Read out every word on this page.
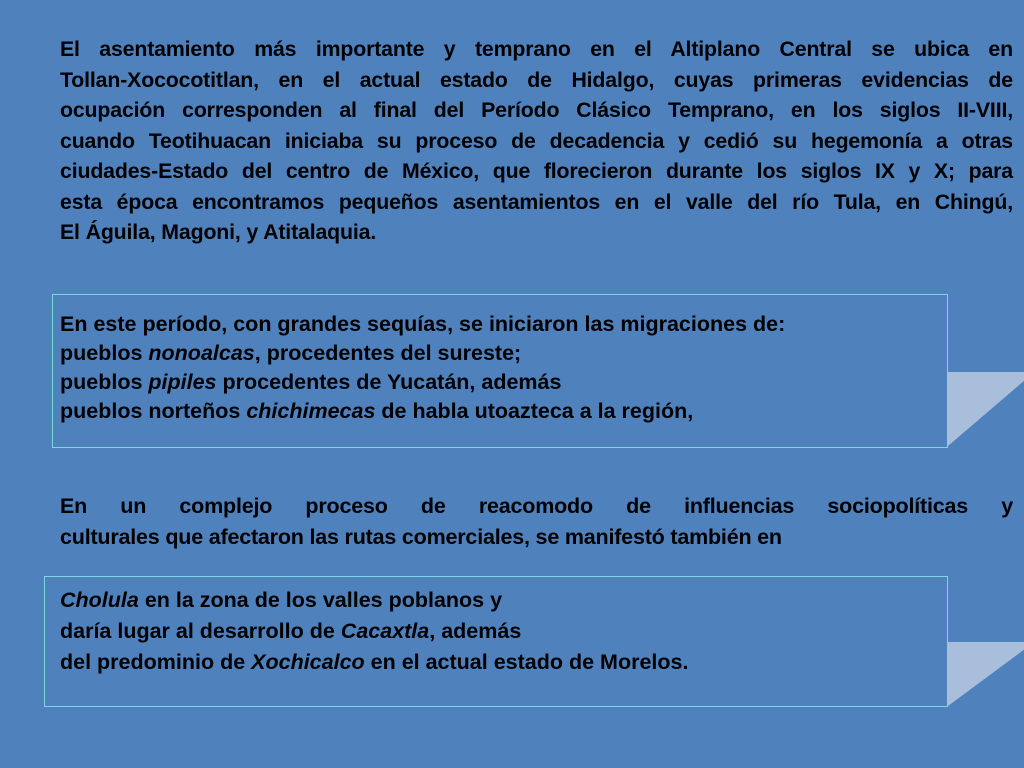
El asentamiento más importante y temprano en el Altiplano Central se ubica en
Tollan-Xococotitlan, en el actual estado de Hidalgo, cuyas primeras evidencias de
ocupación corresponden al final del Período Clásico Temprano, en los siglos II-VIII,
cuando Teotihuacan iniciaba su proceso de decadencia y cedió su hegemonía a otras
ciudades-Estado del centro de México, que florecieron durante los siglos IX y X; para
esta época encontramos pequeños asentamientos en el valle del río Tula, en Chingú,
El Águila, Magoni, y Atitalaquia.
En este período, con grandes sequías, se iniciaron las migraciones de:
pueblos nonoalcas, procedentes del sureste;
pueblos pipiles procedentes de Yucatán, además
pueblos norteños chichimecas de habla utoazteca a la región,
En un complejo proceso de reacomodo de influencias sociopolíticas y
culturales que afectaron las rutas comerciales, se manifestó también en
Cholula en la zona de los valles poblanos y
daría lugar al desarrollo de Cacaxtla, además
del predominio de Xochicalco en el actual estado de Morelos.
